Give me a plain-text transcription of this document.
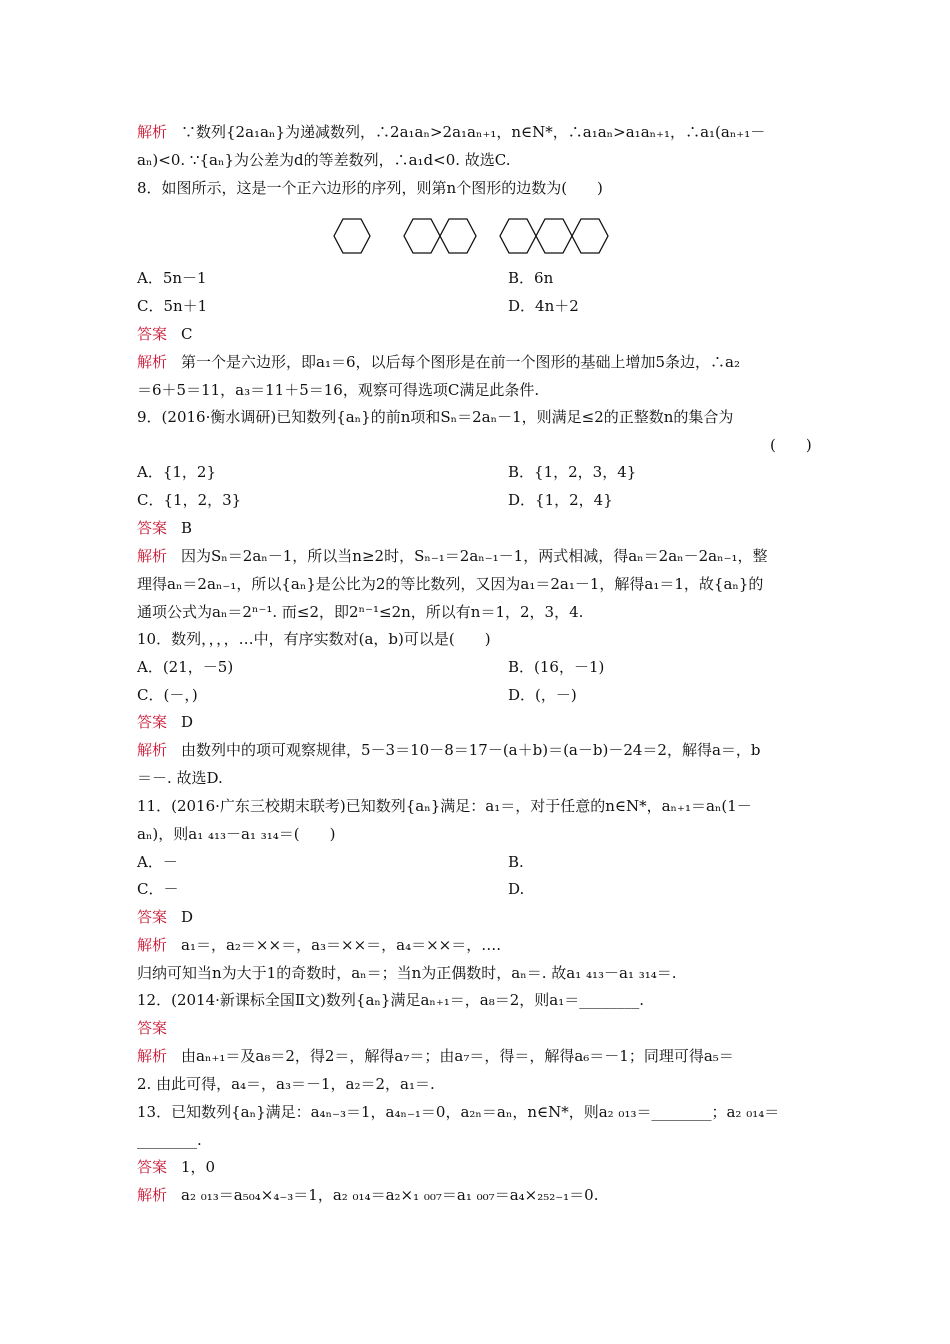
解析 ∵数列{2a₁aₙ}为递减数列，∴2a₁aₙ>2a₁aₙ₊₁，n∈N*，∴a₁aₙ>a₁aₙ₊₁，∴a₁(aₙ₊₁－
aₙ)<0. ∵{aₙ}为公差为d的等差数列，∴a₁d<0. 故选C.
8．如图所示，这是一个正六边形的序列，则第n个图形的边数为(　　)
A．5n－1	B．6n
C．5n＋1	D．4n＋2
答案 C
解析 第一个是六边形，即a₁＝6，以后每个图形是在前一个图形的基础上增加5条边，∴a₂
＝6＋5＝11，a₃＝11＋5＝16，观察可得选项C满足此条件.
9．(2016·衡水调研)已知数列{aₙ}的前n项和Sₙ＝2aₙ－1，则满足≤2的正整数n的集合为
(　　)
A．{1，2}	B．{1，2，3，4}
C．{1，2，3}	D．{1，2，4}
答案 B
解析 因为Sₙ＝2aₙ－1，所以当n≥2时，Sₙ₋₁＝2aₙ₋₁－1，两式相减，得aₙ＝2aₙ－2aₙ₋₁，整
理得aₙ＝2aₙ₋₁，所以{aₙ}是公比为2的等比数列，又因为a₁＝2a₁－1，解得a₁＝1，故{aₙ}的
通项公式为aₙ＝2ⁿ⁻¹. 而≤2，即2ⁿ⁻¹≤2n，所以有n＝1，2，3，4.
10．数列，，，，…中，有序实数对(a，b)可以是(　　)
A．(21，－5)	B．(16，－1)
C．(－，)	D．(，－)
答案 D
解析 由数列中的项可观察规律，5－3＝10－8＝17－(a＋b)＝(a－b)－24＝2，解得a＝，b
＝－. 故选D.
11．(2016·广东三校期末联考)已知数列{aₙ}满足：a₁＝，对于任意的n∈N*，aₙ₊₁＝aₙ(1－
aₙ)，则a₁ ₄₁₃－a₁ ₃₁₄＝(　　)
A．－	B.
C．－	D.
答案 D
解析 a₁＝，a₂＝××＝，a₃＝××＝，a₄＝××＝，….
归纳可知当n为大于1的奇数时，aₙ＝；当n为正偶数时，aₙ＝. 故a₁ ₄₁₃－a₁ ₃₁₄＝.
12．(2014·新课标全国Ⅱ文)数列{aₙ}满足aₙ₊₁＝，a₈＝2，则a₁＝________.
答案
解析 由aₙ₊₁＝及a₈＝2，得2＝，解得a₇＝；由a₇＝，得＝，解得a₆＝－1；同理可得a₅＝
2. 由此可得，a₄＝，a₃＝－1，a₂＝2，a₁＝.
13．已知数列{aₙ}满足：a₄ₙ₋₃＝1，a₄ₙ₋₁＝0，a₂ₙ＝aₙ，n∈N*，则a₂ ₀₁₃＝________；a₂ ₀₁₄＝
________.
答案 1，0
解析 a₂ ₀₁₃＝a₅₀₄×₄₋₃＝1，a₂ ₀₁₄＝a₂×₁ ₀₀₇＝a₁ ₀₀₇＝a₄×₂₅₂₋₁＝0.
